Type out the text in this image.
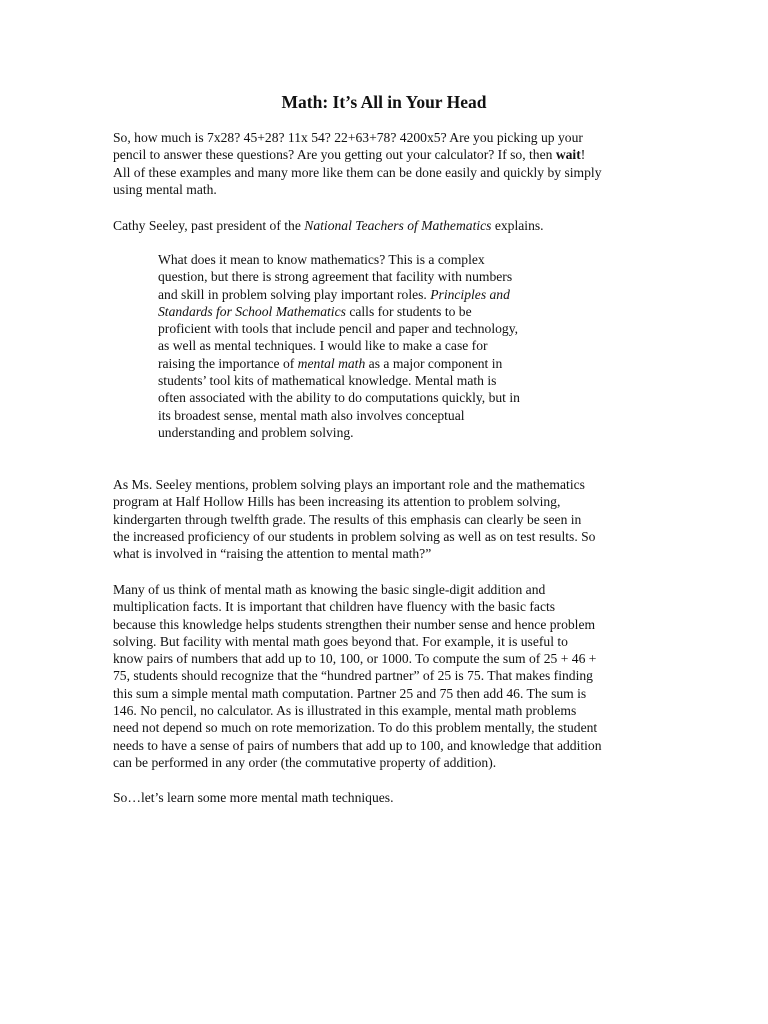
Math: It’s All in Your Head
So, how much is 7x28? 45+28? 11x 54? 22+63+78? 4200x5? Are you picking up your
pencil to answer these questions? Are you getting out your calculator? If so, then wait!
All of these examples and many more like them can be done easily and quickly by simply
using mental math.
Cathy Seeley, past president of the National Teachers of Mathematics explains.
What does it mean to know mathematics? This is a complex
question, but there is strong agreement that facility with numbers
and skill in problem solving play important roles. Principles and
Standards for School Mathematics calls for students to be
proficient with tools that include pencil and paper and technology,
as well as mental techniques. I would like to make a case for
raising the importance of mental math as a major component in
students’ tool kits of mathematical knowledge. Mental math is
often associated with the ability to do computations quickly, but in
its broadest sense, mental math also involves conceptual
understanding and problem solving.
As Ms. Seeley mentions, problem solving plays an important role and the mathematics
program at Half Hollow Hills has been increasing its attention to problem solving,
kindergarten through twelfth grade. The results of this emphasis can clearly be seen in
the increased proficiency of our students in problem solving as well as on test results. So
what is involved in “raising the attention to mental math?”
Many of us think of mental math as knowing the basic single-digit addition and
multiplication facts. It is important that children have fluency with the basic facts
because this knowledge helps students strengthen their number sense and hence problem
solving. But facility with mental math goes beyond that. For example, it is useful to
know pairs of numbers that add up to 10, 100, or 1000. To compute the sum of 25 + 46 +
75, students should recognize that the “hundred partner” of 25 is 75. That makes finding
this sum a simple mental math computation. Partner 25 and 75 then add 46. The sum is
146. No pencil, no calculator. As is illustrated in this example, mental math problems
need not depend so much on rote memorization. To do this problem mentally, the student
needs to have a sense of pairs of numbers that add up to 100, and knowledge that addition
can be performed in any order (the commutative property of addition).
So…let’s learn some more mental math techniques.
